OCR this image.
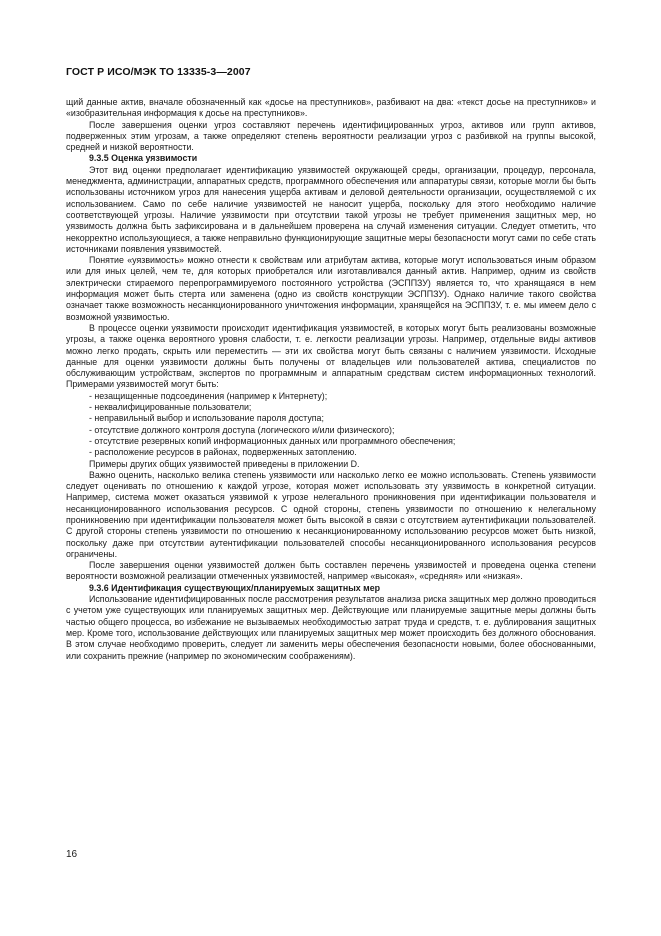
ГОСТ Р ИСО/МЭК ТО 13335-3—2007

щий данные актив, вначале обозначенный как «досье на преступников», разбивают на два: «текст досье на преступников» и «изобразительная информация к досье на преступников».

После завершения оценки угроз составляют перечень идентифицированных угроз, активов или групп активов, подверженных этим угрозам, а также определяют степень вероятности реализации угроз с разбивкой на группы высокой, средней и низкой вероятности.

9.3.5 Оценка уязвимости

Этот вид оценки предполагает идентификацию уязвимостей окружающей среды, организации, процедур, персонала, менеджмента, администрации, аппаратных средств, программного обеспечения или аппаратуры связи, которые могли бы быть использованы источником угроз для нанесения ущерба активам и деловой деятельности организации, осуществляемой с их использованием. Само по себе наличие уязвимостей не наносит ущерба, поскольку для этого необходимо наличие соответствующей угрозы. Наличие уязвимости при отсутствии такой угрозы не требует применения защитных мер, но уязвимость должна быть зафиксирована и в дальнейшем проверена на случай изменения ситуации. Следует отметить, что некорректно использующиеся, а также неправильно функционирующие защитные меры безопасности могут сами по себе стать источниками появления уязвимостей.

Понятие «уязвимость» можно отнести к свойствам или атрибутам актива, которые могут использоваться иным образом или для иных целей, чем те, для которых приобретался или изготавливался данный актив. Например, одним из свойств электрически стираемого перепрограммируемого постоянного устройства (ЭСППЗУ) является то, что хранящаяся в нем информация может быть стерта или заменена (одно из свойств конструкции ЭСППЗУ). Однако наличие такого свойства означает также возможность несанкционированного уничтожения информации, хранящейся на ЭСППЗУ, т. е. мы имеем дело с возможной уязвимостью.

В процессе оценки уязвимости происходит идентификация уязвимостей, в которых могут быть реализованы возможные угрозы, а также оценка вероятного уровня слабости, т. е. легкости реализации угрозы. Например, отдельные виды активов можно легко продать, скрыть или переместить — эти их свойства могут быть связаны с наличием уязвимости. Исходные данные для оценки уязвимости должны быть получены от владельцев или пользователей актива, специалистов по обслуживающим устройствам, экспертов по программным и аппаратным средствам систем информационных технологий. Примерами уязвимостей могут быть:

- незащищенные подсоединения (например к Интернету);

- неквалифицированные пользователи;

- неправильный выбор и использование пароля доступа;

- отсутствие должного контроля доступа (логического и/или физического);

- отсутствие резервных копий информационных данных или программного обеспечения;

- расположение ресурсов в районах, подверженных затоплению.

Примеры других общих уязвимостей приведены в приложении D.

Важно оценить, насколько велика степень уязвимости или насколько легко ее можно использовать. Степень уязвимости следует оценивать по отношению к каждой угрозе, которая может использовать эту уязвимость в конкретной ситуации. Например, система может оказаться уязвимой к угрозе нелегального проникновения при идентификации пользователя и несанкционированного использования ресурсов. С одной стороны, степень уязвимости по отношению к нелегальному проникновению при идентификации пользователя может быть высокой в связи с отсутствием аутентификации пользователей. С другой стороны степень уязвимости по отношению к несанкционированному использованию ресурсов может быть низкой, поскольку даже при отсутствии аутентификации пользователей способы несанкционированного использования ресурсов ограничены.

После завершения оценки уязвимостей должен быть составлен перечень уязвимостей и проведена оценка степени вероятности возможной реализации отмеченных уязвимостей, например «высокая», «средняя» или «низкая».

9.3.6 Идентификация существующих/планируемых защитных мер

Использование идентифицированных после рассмотрения результатов анализа риска защитных мер должно проводиться с учетом уже существующих или планируемых защитных мер. Действующие или планируемые защитные меры должны быть частью общего процесса, во избежание не вызываемых необходимостью затрат труда и средств, т. е. дублирования защитных мер. Кроме того, использование действующих или планируемых защитных мер может происходить без должного обоснования. В этом случае необходимо проверить, следует ли заменить меры обеспечения безопасности новыми, более обоснованными, или сохранить прежние (например по экономическим соображениям).

16
